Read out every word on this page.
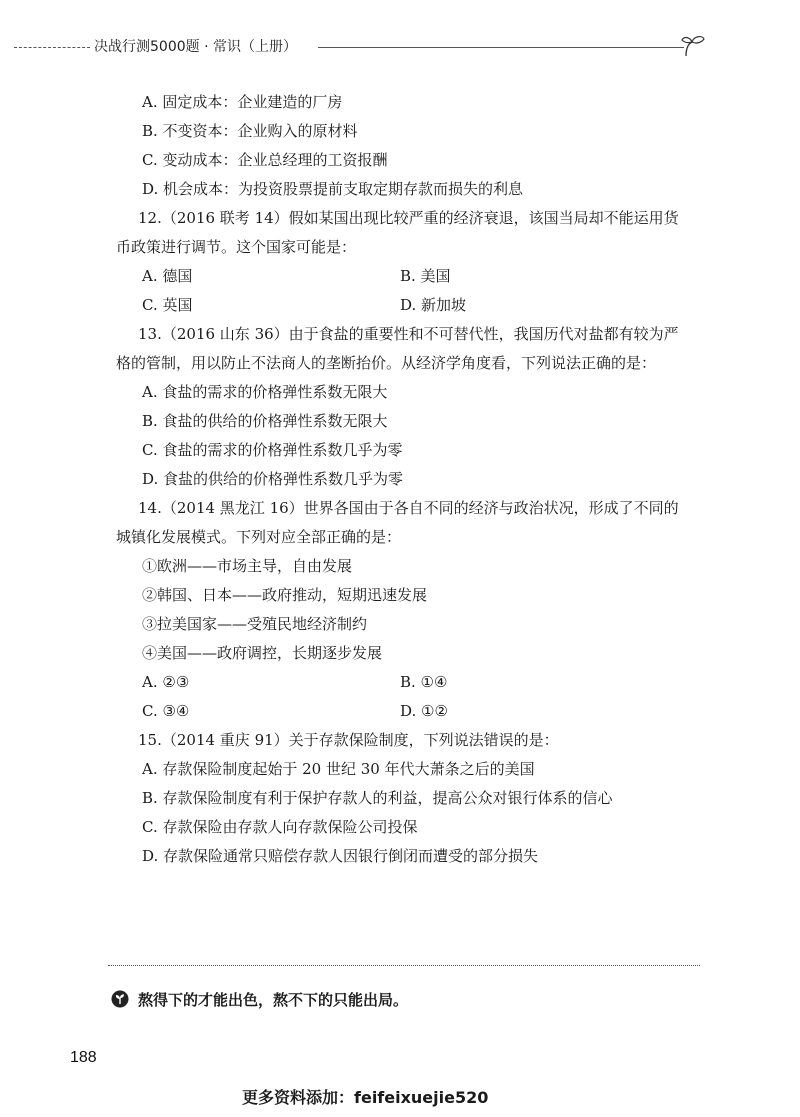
决战行测5000题 · 常识（上册）
A. 固定成本：企业建造的厂房
B. 不变资本：企业购入的原材料
C. 变动成本：企业总经理的工资报酬
D. 机会成本：为投资股票提前支取定期存款而损失的利息
12.（2016 联考 14）假如某国出现比较严重的经济衰退，该国当局却不能运用货
币政策进行调节。这个国家可能是：
A. 德国	B. 美国
C. 英国	D. 新加坡
13.（2016 山东 36）由于食盐的重要性和不可替代性，我国历代对盐都有较为严
格的管制，用以防止不法商人的垄断抬价。从经济学角度看，下列说法正确的是：
A. 食盐的需求的价格弹性系数无限大
B. 食盐的供给的价格弹性系数无限大
C. 食盐的需求的价格弹性系数几乎为零
D. 食盐的供给的价格弹性系数几乎为零
14.（2014 黑龙江 16）世界各国由于各自不同的经济与政治状况，形成了不同的
城镇化发展模式。下列对应全部正确的是：
①欧洲——市场主导，自由发展
②韩国、日本——政府推动，短期迅速发展
③拉美国家——受殖民地经济制约
④美国——政府调控，长期逐步发展
A. ②③	B. ①④
C. ③④	D. ①②
15.（2014 重庆 91）关于存款保险制度，下列说法错误的是：
A. 存款保险制度起始于 20 世纪 30 年代大萧条之后的美国
B. 存款保险制度有利于保护存款人的利益，提高公众对银行体系的信心
C. 存款保险由存款人向存款保险公司投保
D. 存款保险通常只赔偿存款人因银行倒闭而遭受的部分损失
熬得下的才能出色，熬不下的只能出局。
188
更多资料添加：feifeixuejie520
